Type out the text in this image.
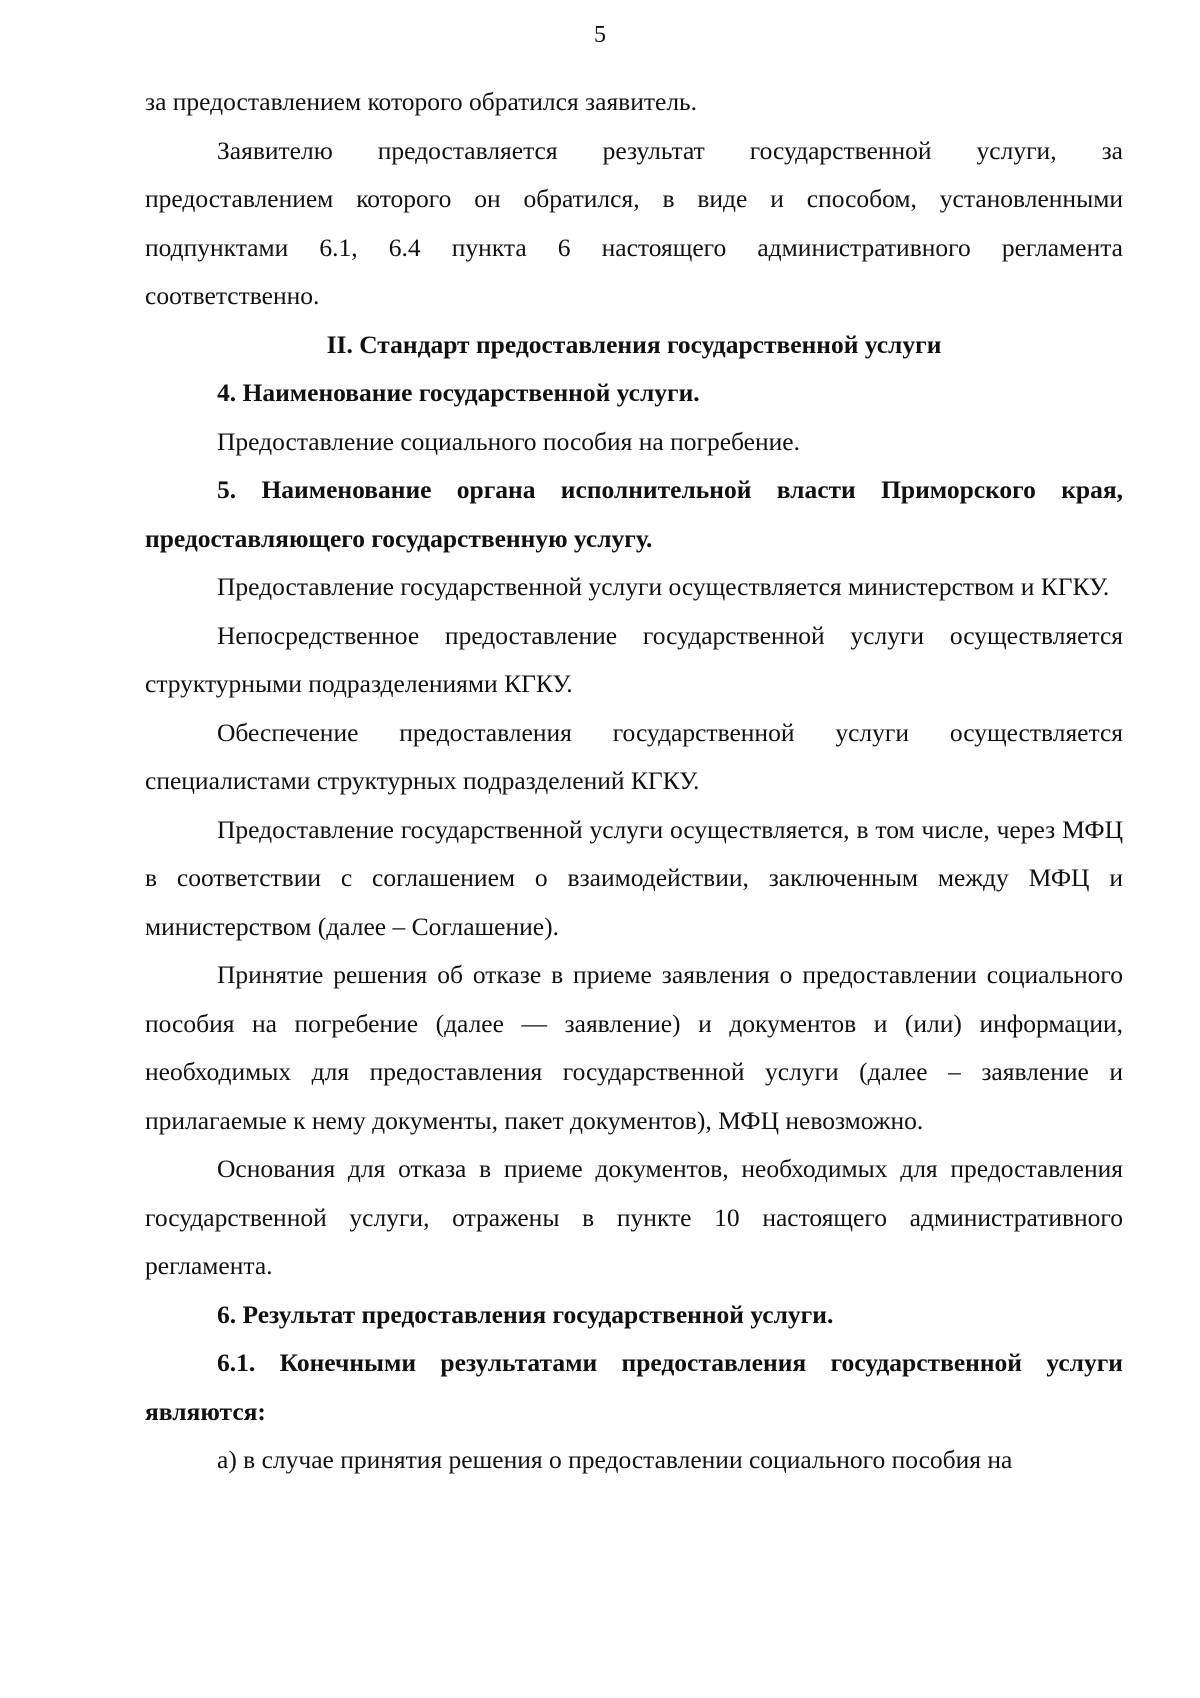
5

за предоставлением которого обратился заявитель.

Заявителю предоставляется результат государственной услуги, за предоставлением которого он обратился, в виде и способом, установленными подпунктами 6.1, 6.4 пункта 6 настоящего административного регламента соответственно.

II. Стандарт предоставления государственной услуги

4. Наименование государственной услуги.

Предоставление социального пособия на погребение.

5. Наименование органа исполнительной власти Приморского края, предоставляющего государственную услугу.

Предоставление государственной услуги осуществляется министерством и КГКУ.

Непосредственное предоставление государственной услуги осуществляется структурными подразделениями КГКУ.

Обеспечение предоставления государственной услуги осуществляется специалистами структурных подразделений КГКУ.

Предоставление государственной услуги осуществляется, в том числе, через МФЦ в соответствии с соглашением о взаимодействии, заключенным между МФЦ и министерством (далее – Соглашение).

Принятие решения об отказе в приеме заявления о предоставлении социального пособия на погребение (далее — заявление) и документов и (или) информации, необходимых для предоставления государственной услуги (далее – заявление и прилагаемые к нему документы, пакет документов), МФЦ невозможно.

Основания для отказа в приеме документов, необходимых для предоставления государственной услуги, отражены в пункте 10 настоящего административного регламента.

6. Результат предоставления государственной услуги.

6.1. Конечными результатами предоставления государственной услуги являются:

а) в случае принятия решения о предоставлении социального пособия на
